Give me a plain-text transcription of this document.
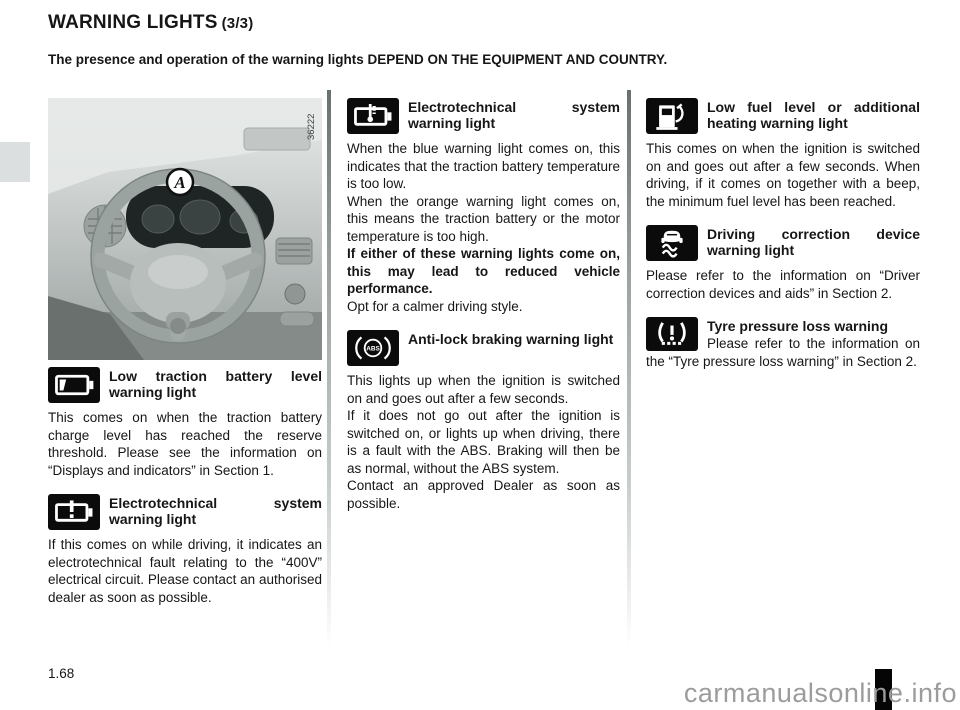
WARNING LIGHTS (3/3)
The presence and operation of the warning lights DEPEND ON THE EQUIPMENT AND COUNTRY.
A
36222
Low traction battery level warning light

This comes on when the traction battery charge level has reached the reserve threshold. Please see the information on “Displays and indicators” in Section 1.

Electrotechnical system warning light

If this comes on while driving, it indicates an electrotechnical fault relating to the “400V” electrical circuit. Please contact an authorised dealer as soon as possible.

Electrotechnical system warning light

When the blue warning light comes on, this indicates that the traction battery temperature is too low.

When the orange warning light comes on, this means the traction battery or the motor temperature is too high.

If either of these warning lights come on, this may lead to reduced vehicle performance.

Opt for a calmer driving style.

ABS
Anti-lock braking warning light

This lights up when the ignition is switched on and goes out after a few seconds.

If it does not go out after the ignition is switched on, or lights up when driving, there is a fault with the ABS. Braking will then be as normal, without the ABS system.

Contact an approved Dealer as soon as possible.

Low fuel level or additional heating warning light

This comes on when the ignition is switched on and goes out after a few seconds. When driving, if it comes on together with a beep, the minimum fuel level has been reached.

Driving correction device warning light

Please refer to the information on “Driver correction devices and aids” in Section 2.

Tyre pressure loss warning

Please refer to the information on the “Tyre pressure loss warning” in Section 2.

1.68
carmanualsonline.info
